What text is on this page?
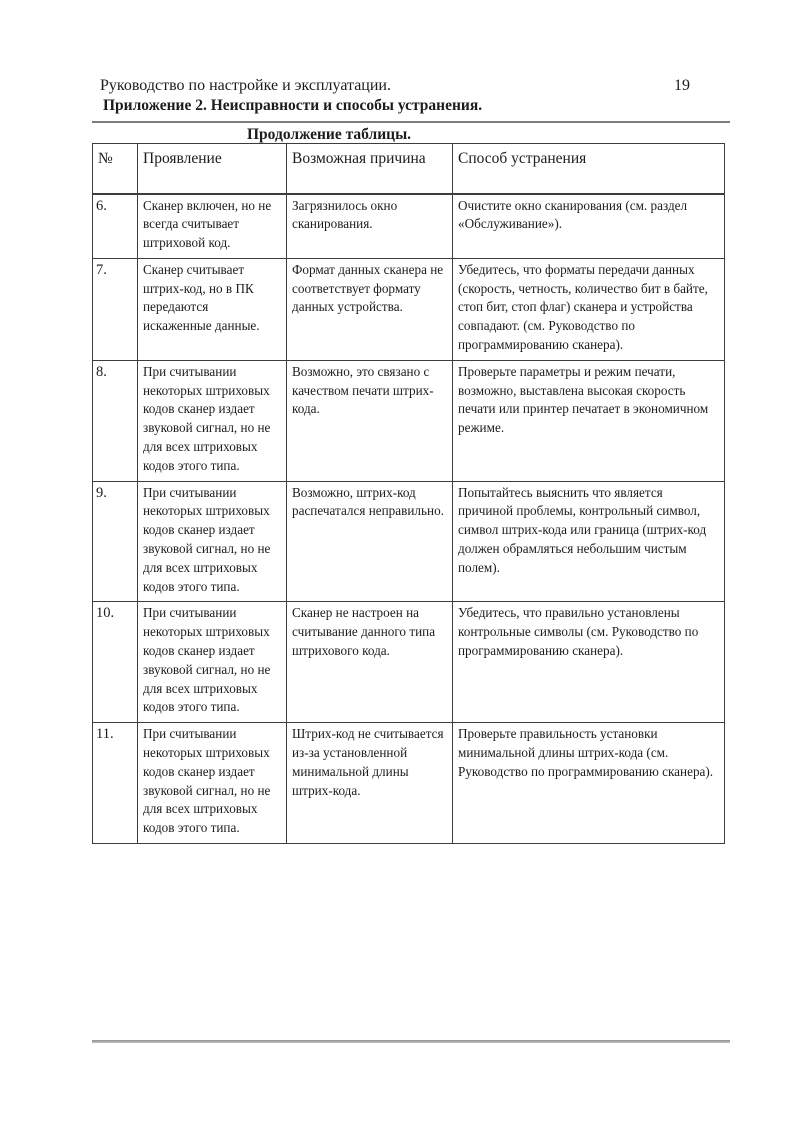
Руководство по настройке и эксплуатации.	19
Приложение 2. Неисправности и способы устранения.
Продолжение таблицы.
№	Проявление	Возможная причина	Способ устранения
6.	Сканер включен, но не всегда считывает штриховой код.	Загрязнилось окно сканирования.	Очистите окно сканирования (см. раздел «Обслуживание»).
7.	Сканер считывает штрих-код, но в ПК передаются искаженные данные.	Формат данных сканера не соответствует формату данных устройства.	Убедитесь, что форматы передачи данных (скорость, четность, количество бит в байте, стоп бит, стоп флаг) сканера и устройства совпадают. (см. Руководство по программированию сканера).
8.	При считывании некоторых штриховых кодов сканер издает звуковой сигнал, но не для всех штриховых кодов этого типа.	Возможно, это связано с качеством печати штрих-кода.	Проверьте параметры и режим печати, возможно, выставлена высокая скорость печати или принтер печатает в экономичном режиме.
9.	При считывании некоторых штриховых кодов сканер издает звуковой сигнал, но не для всех штриховых кодов этого типа.	Возможно, штрих-код распечатался неправильно.	Попытайтесь выяснить что является причиной проблемы, контрольный символ, символ штрих-кода или граница (штрих-код должен обрамляться небольшим чистым полем).
10.	При считывании некоторых штриховых кодов сканер издает звуковой сигнал, но не для всех штриховых кодов этого типа.	Сканер не настроен на считывание данного типа штрихового кода.	Убедитесь, что правильно установлены контрольные символы (см. Руководство по программированию сканера).
11.	При считывании некоторых штриховых кодов сканер издает звуковой сигнал, но не для всех штриховых кодов этого типа.	Штрих-код не считывается из-за установленной минимальной длины штрих-кода.	Проверьте правильность установки минимальной длины штрих-кода (см. Руководство по программированию сканера).
